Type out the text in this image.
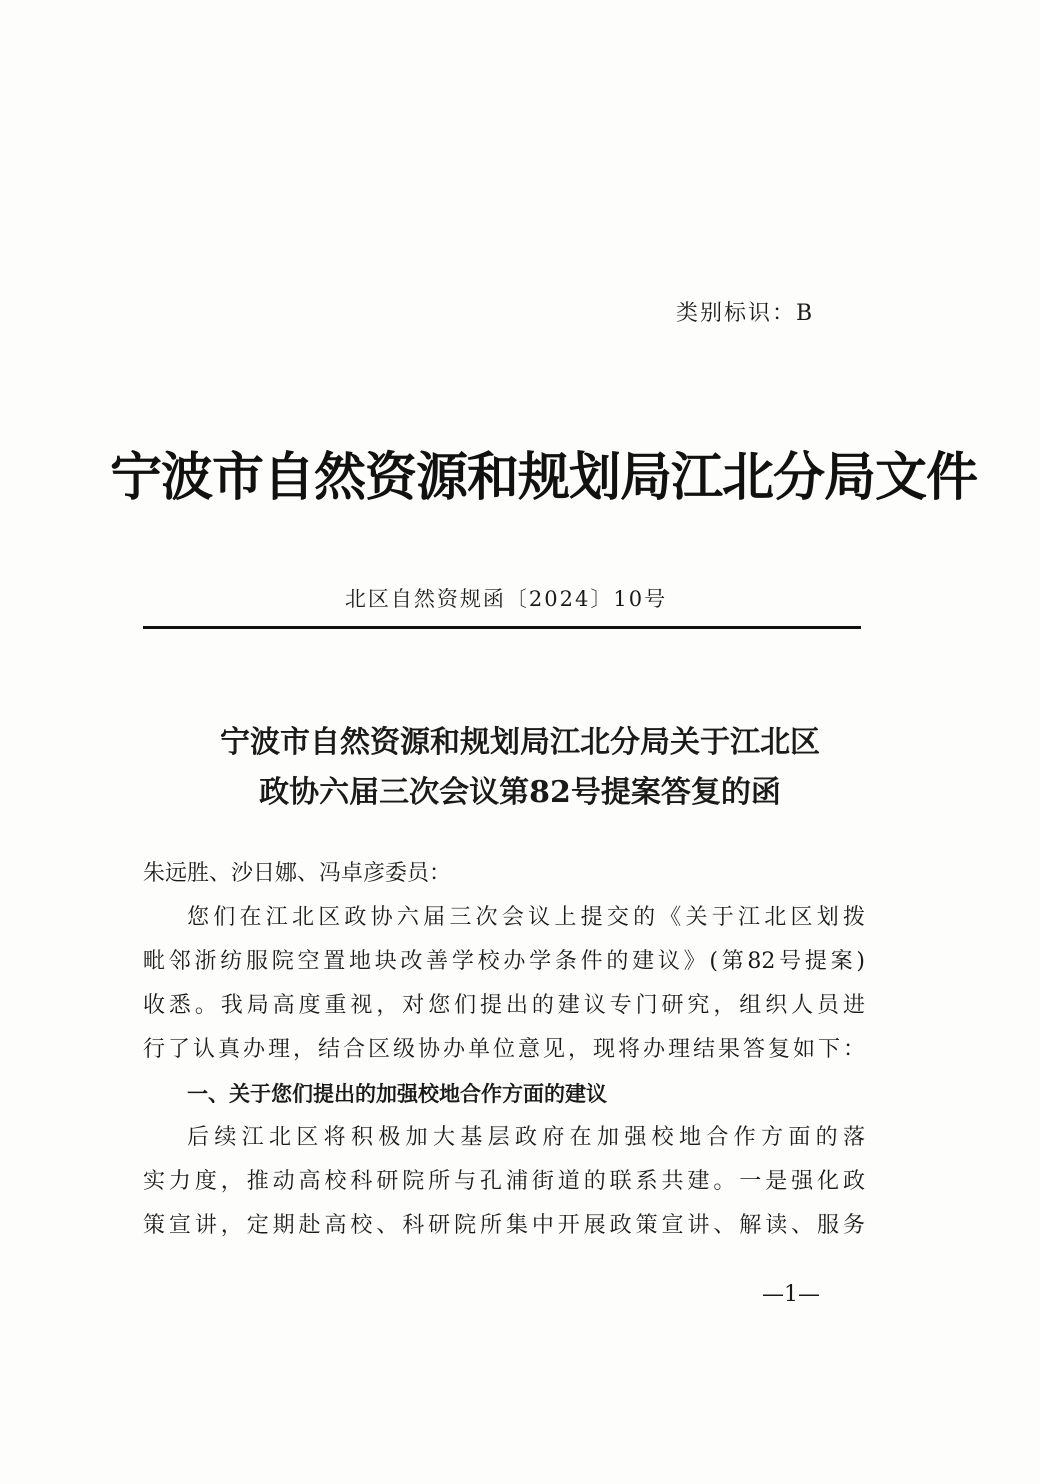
类别标识：B
宁波市自然资源和规划局江北分局文件
北区自然资规函〔2024〕10号
宁波市自然资源和规划局江北分局关于江北区
政协六届三次会议第82号提案答复的函
朱远胜、沙日娜、冯卓彦委员：
您们在江北区政协六届三次会议上提交的《关于江北区划拨
毗邻浙纺服院空置地块改善学校办学条件的建议》(第82号提案)
收悉。我局高度重视，对您们提出的建议专门研究，组织人员进
行了认真办理，结合区级协办单位意见，现将办理结果答复如下：
一、关于您们提出的加强校地合作方面的建议
后续江北区将积极加大基层政府在加强校地合作方面的落
实力度，推动高校科研院所与孔浦街道的联系共建。一是强化政
策宣讲，定期赴高校、科研院所集中开展政策宣讲、解读、服务
—1—
